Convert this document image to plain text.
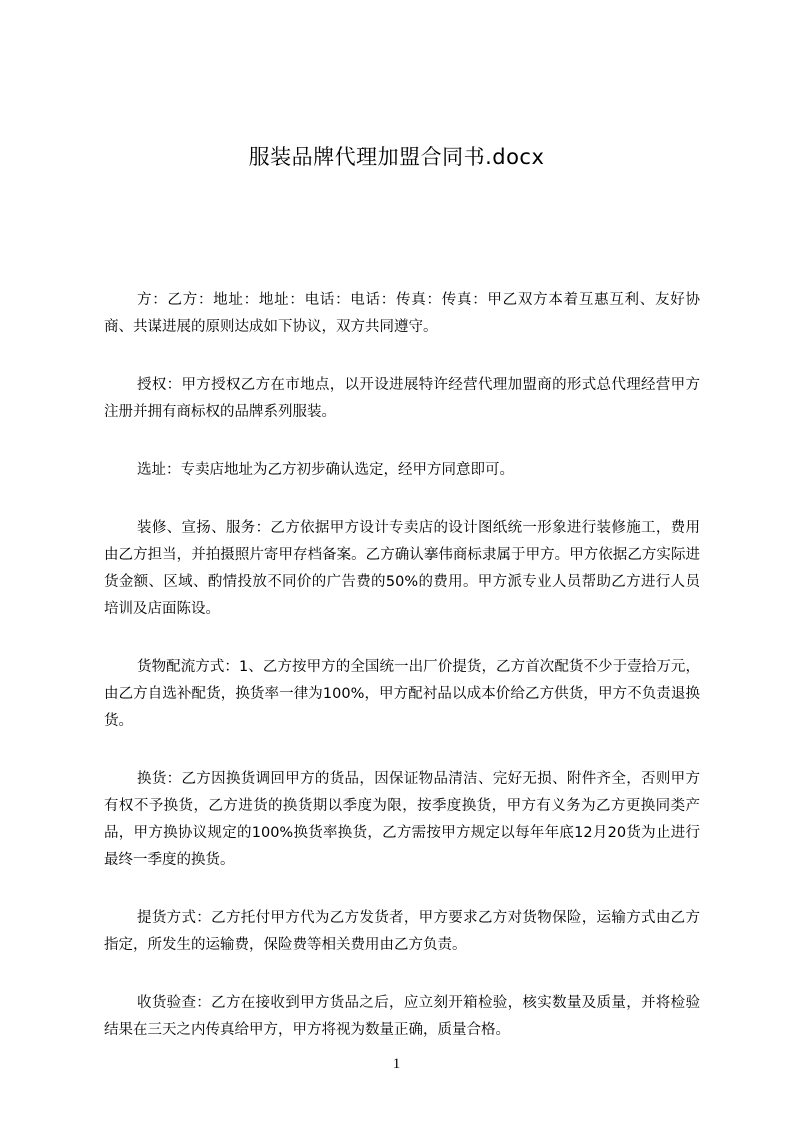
服装品牌代理加盟合同书.docx

方：乙方：地址：地址：电话：电话：传真：传真：甲乙双方本着互惠互利、友好协商、共谋进展的原则达成如下协议，双方共同遵守。

授权：甲方授权乙方在市地点，以开设进展特许经营代理加盟商的形式总代理经营甲方注册并拥有商标权的品牌系列服装。

选址：专卖店地址为乙方初步确认选定，经甲方同意即可。

装修、宣扬、服务：乙方依据甲方设计专卖店的设计图纸统一形象进行装修施工，费用由乙方担当，并拍摄照片寄甲存档备案。乙方确认搴伟商标隶属于甲方。甲方依据乙方实际进货金额、区域、酌情投放不同价的广告费的50%的费用。甲方派专业人员帮助乙方进行人员培训及店面陈设。

货物配流方式：1、乙方按甲方的全国统一出厂价提货，乙方首次配货不少于壹拾万元，由乙方自选补配货，换货率一律为100%，甲方配衬品以成本价给乙方供货，甲方不负责退换货。

换货：乙方因换货调回甲方的货品，因保证物品清洁、完好无损、附件齐全，否则甲方有权不予换货，乙方进货的换货期以季度为限，按季度换货，甲方有义务为乙方更换同类产品，甲方换协议规定的100%换货率换货，乙方需按甲方规定以每年年底12月20货为止进行最终一季度的换货。

提货方式：乙方托付甲方代为乙方发货者，甲方要求乙方对货物保险，运输方式由乙方指定，所发生的运输费，保险费等相关费用由乙方负责。

收货验查：乙方在接收到甲方货品之后，应立刻开箱检验，核实数量及质量，并将检验结果在三天之内传真给甲方，甲方将视为数量正确，质量合格。

1
